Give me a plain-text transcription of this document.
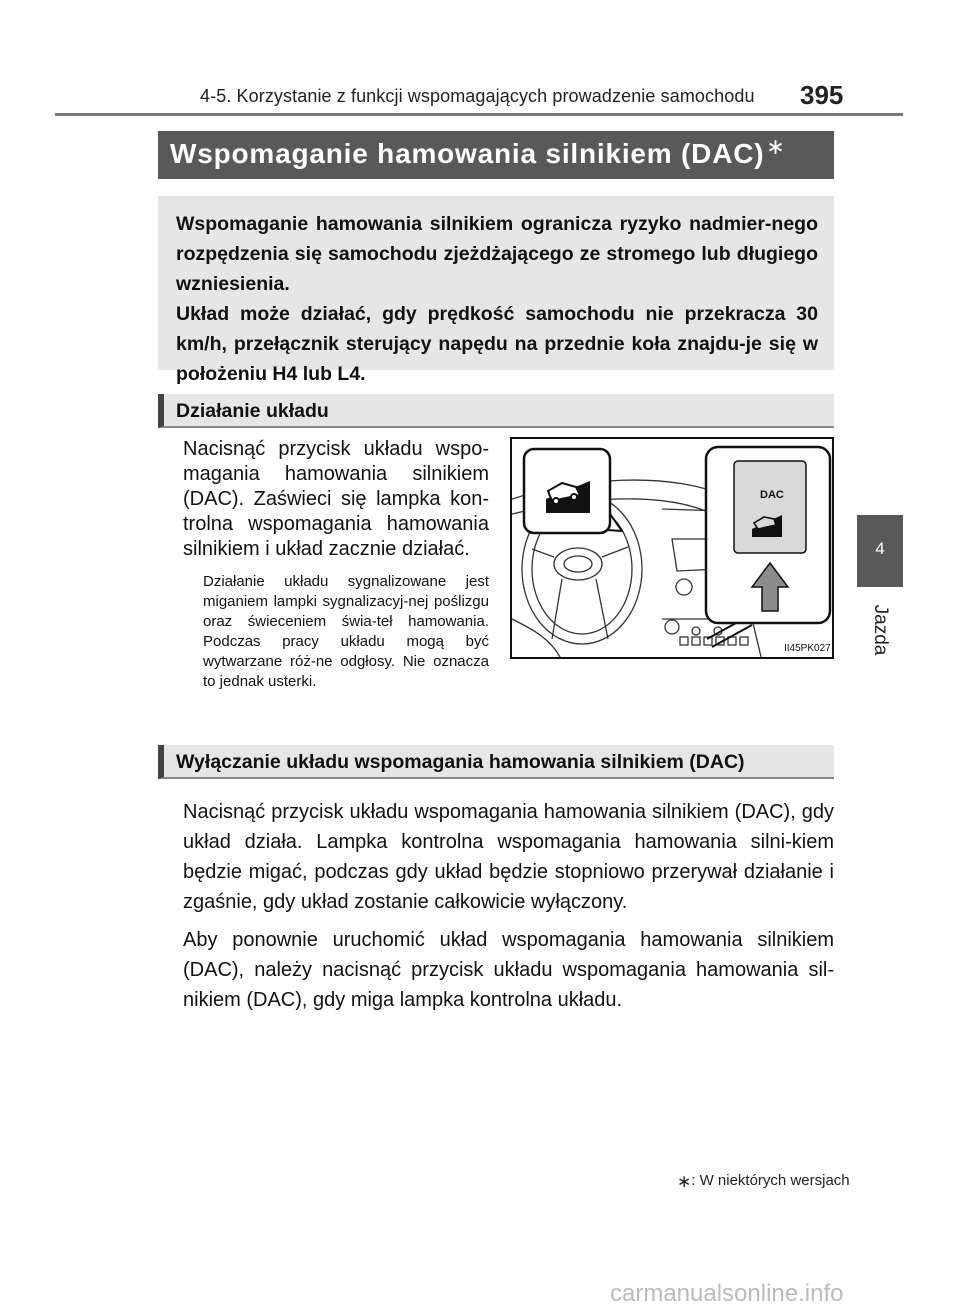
4-5. Korzystanie z funkcji wspomagających prowadzenie samochodu 395
4
Jazda
Wspomaganie hamowania silnikiem (DAC)∗

Wspomaganie hamowania silnikiem ogranicza ryzyko nadmier-nego rozpędzenia się samochodu zjeżdżającego ze stromego lub długiego wzniesienia.

Układ może działać, gdy prędkość samochodu nie przekracza 30 km/h, przełącznik sterujący napędu na przednie koła znajdu-je się w położeniu H4 lub L4.

Działanie układu

Nacisnąć przycisk układu wspo-magania hamowania silnikiem (DAC). Zaświeci się lampka kon-trolna wspomagania hamowania silnikiem i układ zacznie działać.

Działanie układu sygnalizowane jest miganiem lampki sygnalizacyj-nej poślizgu oraz świeceniem świa-teł hamowania. Podczas pracy układu mogą być wytwarzane róż-ne odgłosy. Nie oznacza to jednak usterki.

DAC
II45PK027
Wyłączanie układu wspomagania hamowania silnikiem (DAC)

Nacisnąć przycisk układu wspomagania hamowania silnikiem (DAC), gdy układ działa. Lampka kontrolna wspomagania hamowania silni-kiem będzie migać, podczas gdy układ będzie stopniowo przerywał działanie i zgaśnie, gdy układ zostanie całkowicie wyłączony.

Aby ponownie uruchomić układ wspomagania hamowania silnikiem (DAC), należy nacisnąć przycisk układu wspomagania hamowania sil-nikiem (DAC), gdy miga lampka kontrolna układu.

∗: W niektórych wersjach
carmanualsonline.info
